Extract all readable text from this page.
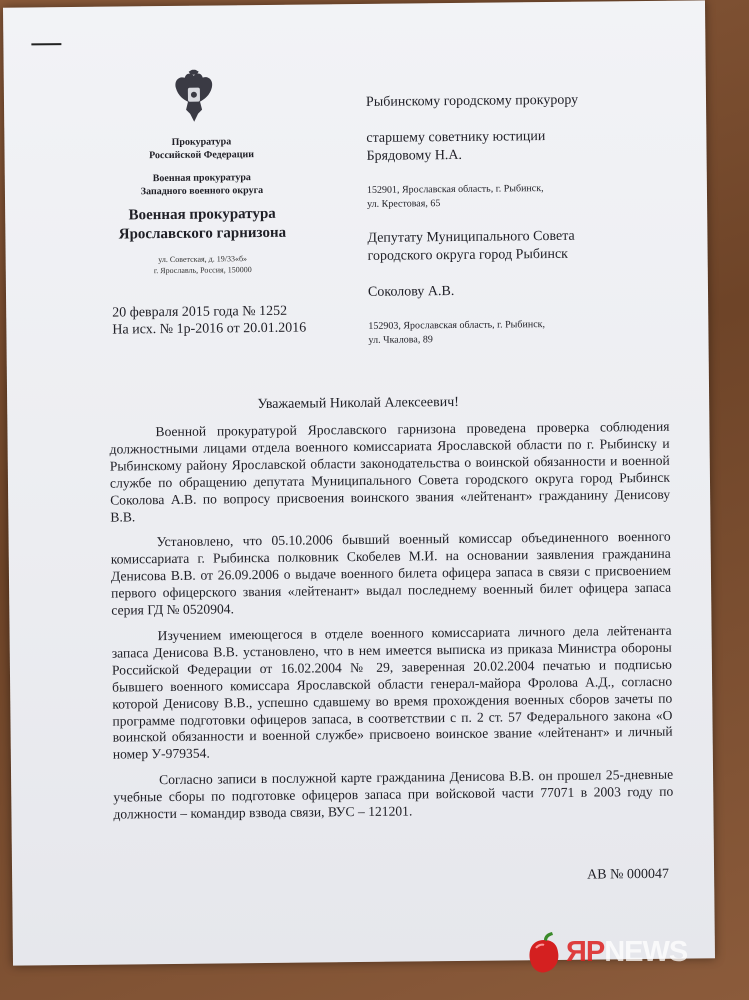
Прокуратура
Российской Федерации
Военная прокуратура
Западного военного округа
Военная прокуратура
Ярославского гарнизона
ул. Советская, д. 19/33«б»
г. Ярославль, Россия, 150000
20 февраля 2015 года № 1252
На исх. № 1р-2016 от 20.01.2016
Рыбинскому городскому прокурору
старшему советнику юстиции
Брядовому Н.А.
152901, Ярославская область, г. Рыбинск,
ул. Крестовая, 65
Депутату Муниципального Совета
городского округа город Рыбинск
Соколову А.В.
152903, Ярославская область, г. Рыбинск,
ул. Чкалова, 89
Уважаемый Николай Алексеевич!

Военной прокуратурой Ярославского гарнизона проведена проверка соблюдения должностными лицами отдела военного комиссариата Ярославской области по г. Рыбинску и Рыбинскому району Ярославской области законодательства о воинской обязанности и военной службе по обращению депутата Муниципального Совета городского округа город Рыбинск Соколова А.В. по вопросу присвоения воинского звания «лейтенант» гражданину Денисову В.В.

Установлено, что 05.10.2006 бывший военный комиссар объединенного военного комиссариата г. Рыбинска полковник Скобелев М.И. на основании заявления гражданина Денисова В.В. от 26.09.2006 о выдаче военного билета офицера запаса в связи с присвоением первого офицерского звания «лейтенант» выдал последнему военный билет офицера запаса серия ГД № 0520904.

Изучением имеющегося в отделе военного комиссариата личного дела лейтенанта запаса Денисова В.В. установлено, что в нем имеется выписка из приказа Министра обороны Российской Федерации от 16.02.2004 № 29, заверенная 20.02.2004 печатью и подписью бывшего военного комиссара Ярославской области генерал-майора Фролова А.Д., согласно которой Денисову В.В., успешно сдавшему во время прохождения военных сборов зачеты по программе подготовки офицеров запаса, в соответствии с п. 2 ст. 57 Федерального закона «О воинской обязанности и военной службе» присвоено воинское звание «лейтенант» и личный номер У-979354.

Согласно записи в послужной карте гражданина Денисова В.В. он прошел 25-дневные учебные сборы по подготовке офицеров запаса при войсковой части 77071 в 2003 году по должности – командир взвода связи, ВУС – 121201.

АВ № 000047
ЯРNEWS
